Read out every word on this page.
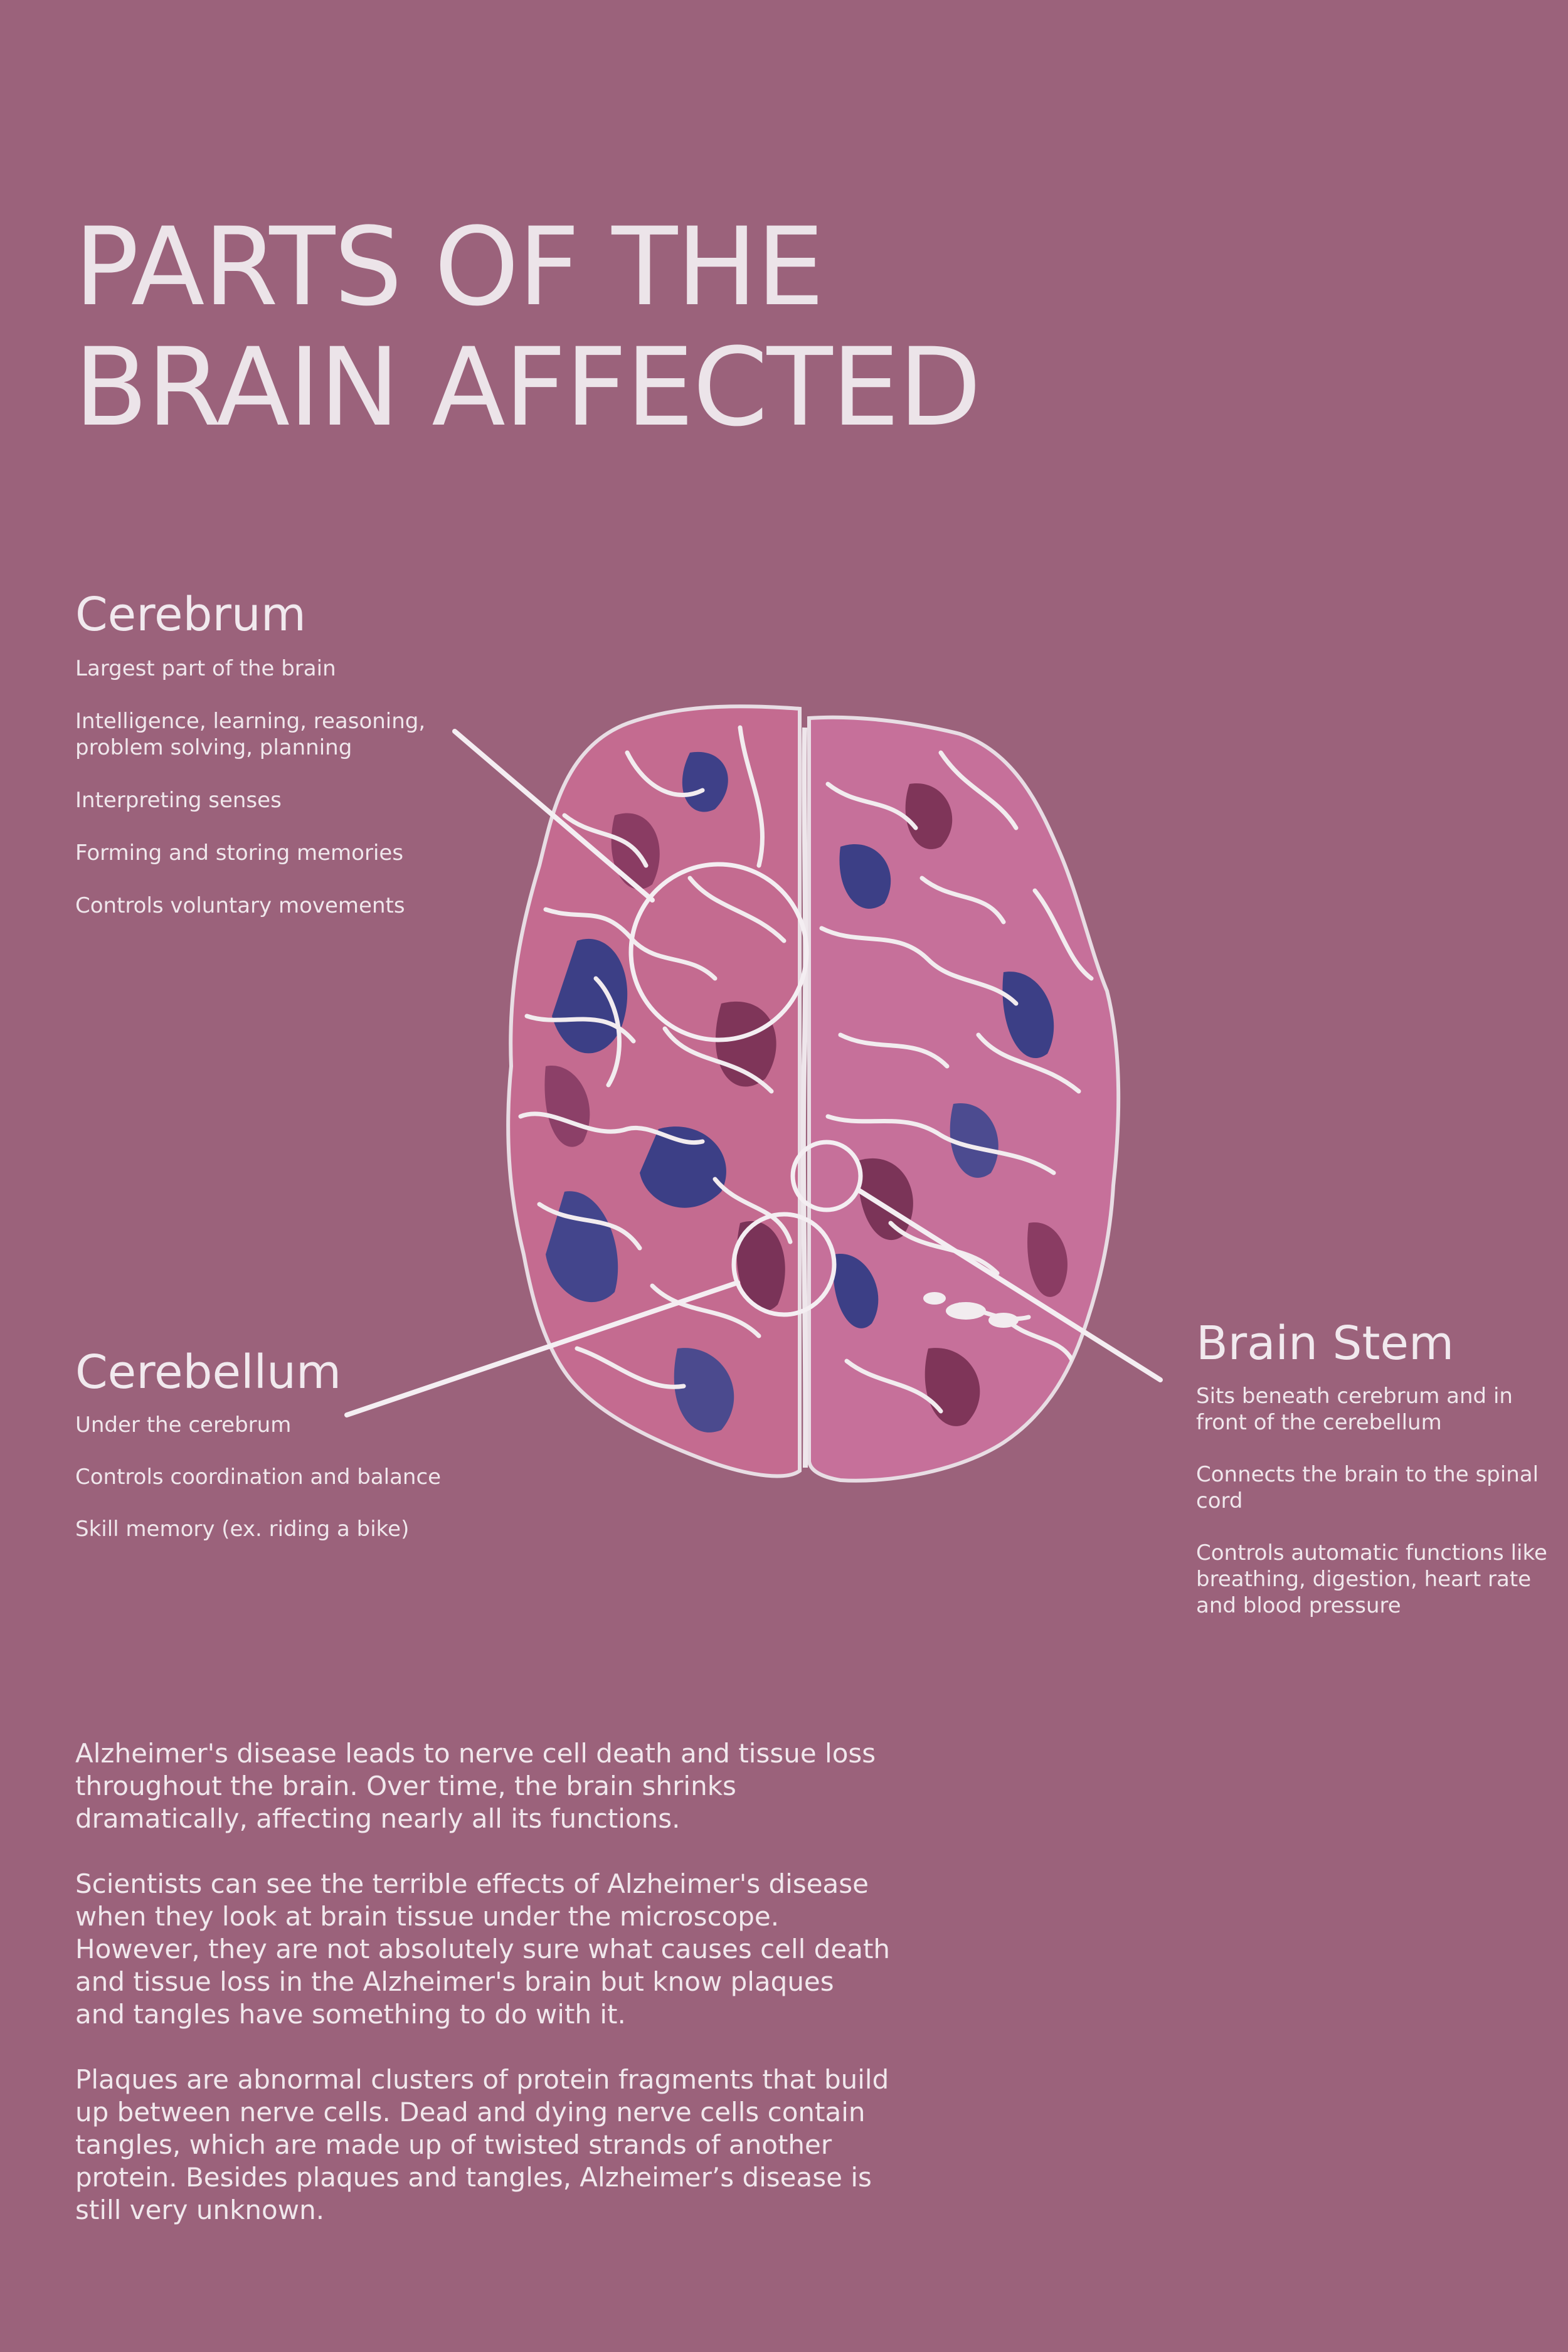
PARTS OF THE
BRAIN AFFECTED
Cerebrum
Largest part of the brain
Intelligence, learning, reasoning, problem solving, planning
Interpreting senses
Forming and storing memories
Controls voluntary movements
Cerebellum
Under the cerebrum
Controls coordination and balance
Skill memory (ex. riding a bike)
Brain Stem
Sits beneath cerebrum and in front of the cerebellum
Connects the brain to the spinal cord
Controls automatic functions like breathing, digestion, heart rate and blood pressure

Alzheimer's disease leads to nerve cell death and tissue loss throughout the brain. Over time, the brain shrinks dramatically, affecting nearly all its functions.

Scientists can see the terrible effects of Alzheimer's disease when they look at brain tissue under the microscope. However, they are not absolutely sure what causes cell death and tissue loss in the Alzheimer's brain but know plaques and tangles have something to do with it.

Plaques are abnormal clusters of protein fragments that build up between nerve cells. Dead and dying nerve cells contain tangles, which are made up of twisted strands of another protein. Besides plaques and tangles, Alzheimer’s disease is still very unknown.
